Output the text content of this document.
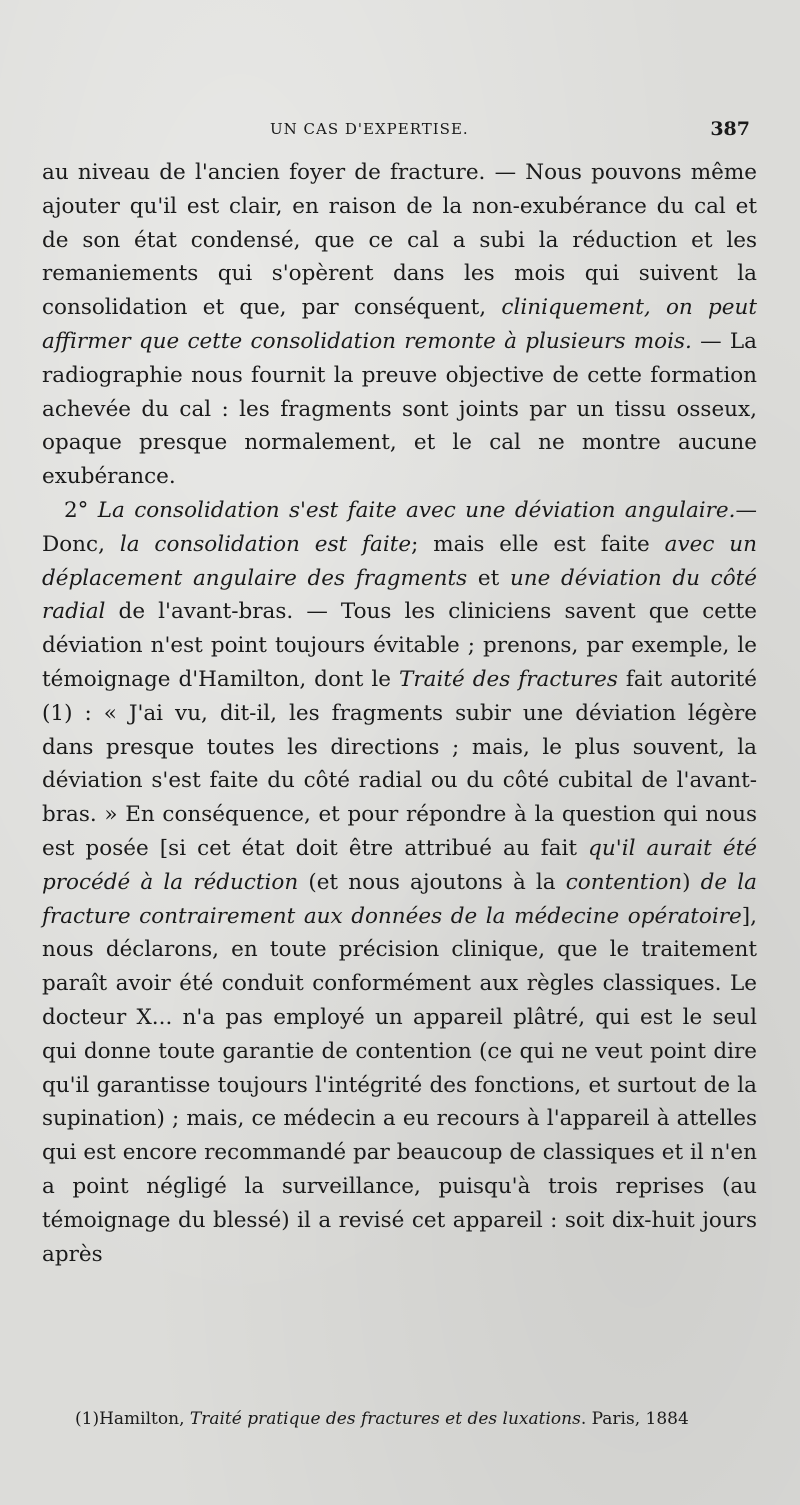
UN CAS D'EXPERTISE.	387

au niveau de l'ancien foyer de fracture. — Nous pouvons même ajouter qu'il est clair, en raison de la non-exubérance du cal et de son état condensé, que ce cal a subi la réduction et les remaniements qui s'opèrent dans les mois qui suivent la consolidation et que, par conséquent, cliniquement, on peut affirmer que cette consolidation remonte à plusieurs mois. — La radiographie nous fournit la preuve objective de cette formation achevée du cal : les fragments sont joints par un tissu osseux, opaque presque normalement, et le cal ne montre aucune exubérance.

2° La consolidation s'est faite avec une déviation angulaire.—Donc, la consolidation est faite; mais elle est faite avec un déplacement angulaire des fragments et une déviation du côté radial de l'avant-bras. — Tous les cliniciens savent que cette déviation n'est point toujours évitable ; prenons, par exemple, le témoignage d'Hamilton, dont le Traité des fractures fait autorité (1) : « J'ai vu, dit-il, les fragments subir une déviation légère dans presque toutes les directions ; mais, le plus souvent, la déviation s'est faite du côté radial ou du côté cubital de l'avant-bras. » En conséquence, et pour répondre à la question qui nous est posée [si cet état doit être attribué au fait qu'il aurait été procédé à la réduction (et nous ajoutons à la contention) de la fracture contrairement aux données de la médecine opératoire], nous déclarons, en toute précision clinique, que le traitement paraît avoir été conduit conformément aux règles classiques. Le docteur X... n'a pas employé un appareil plâtré, qui est le seul qui donne toute garantie de contention (ce qui ne veut point dire qu'il garantisse toujours l'intégrité des fonctions, et surtout de la supination) ; mais, ce médecin a eu recours à l'appareil à attelles qui est encore recommandé par beaucoup de classiques et il n'en a point négligé la surveillance, puisqu'à trois reprises (au témoignage du blessé) il a revisé cet appareil : soit dix-huit jours après

(1)Hamilton, Traité pratique des fractures et des luxations. Paris, 1884
